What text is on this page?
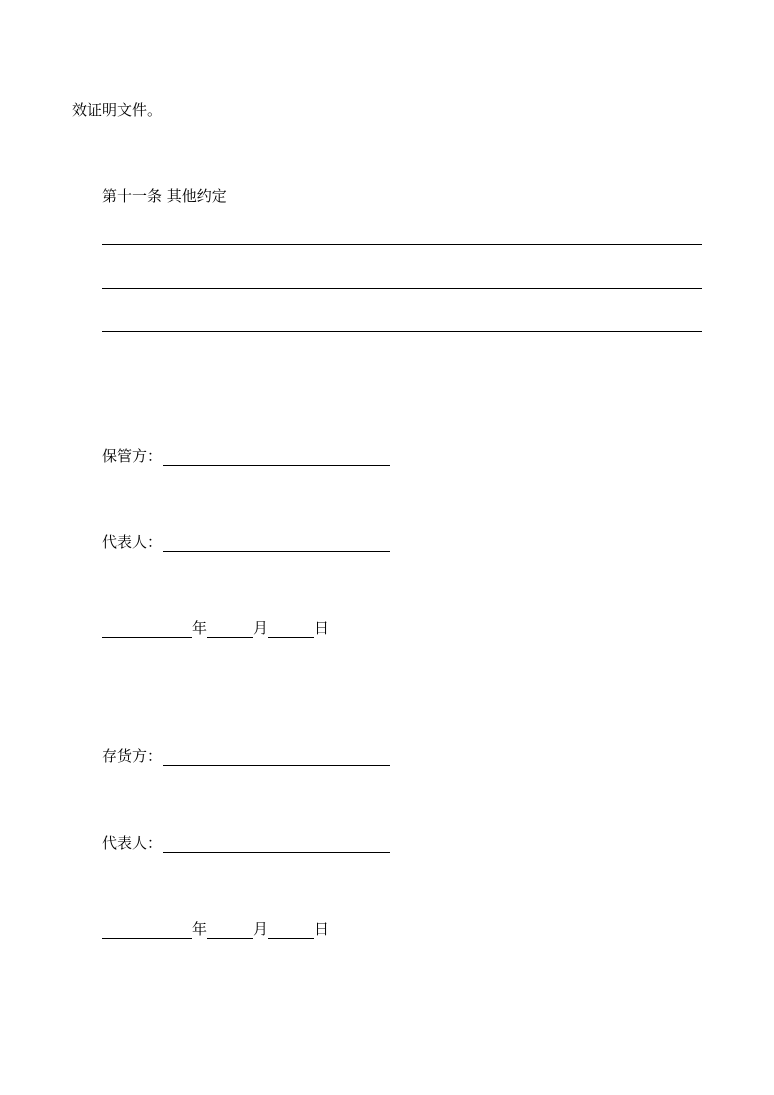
效证明文件。
第十一条 其他约定
保管方：
代表人：
年	月	日
存货方：
代表人：
年	月	日
